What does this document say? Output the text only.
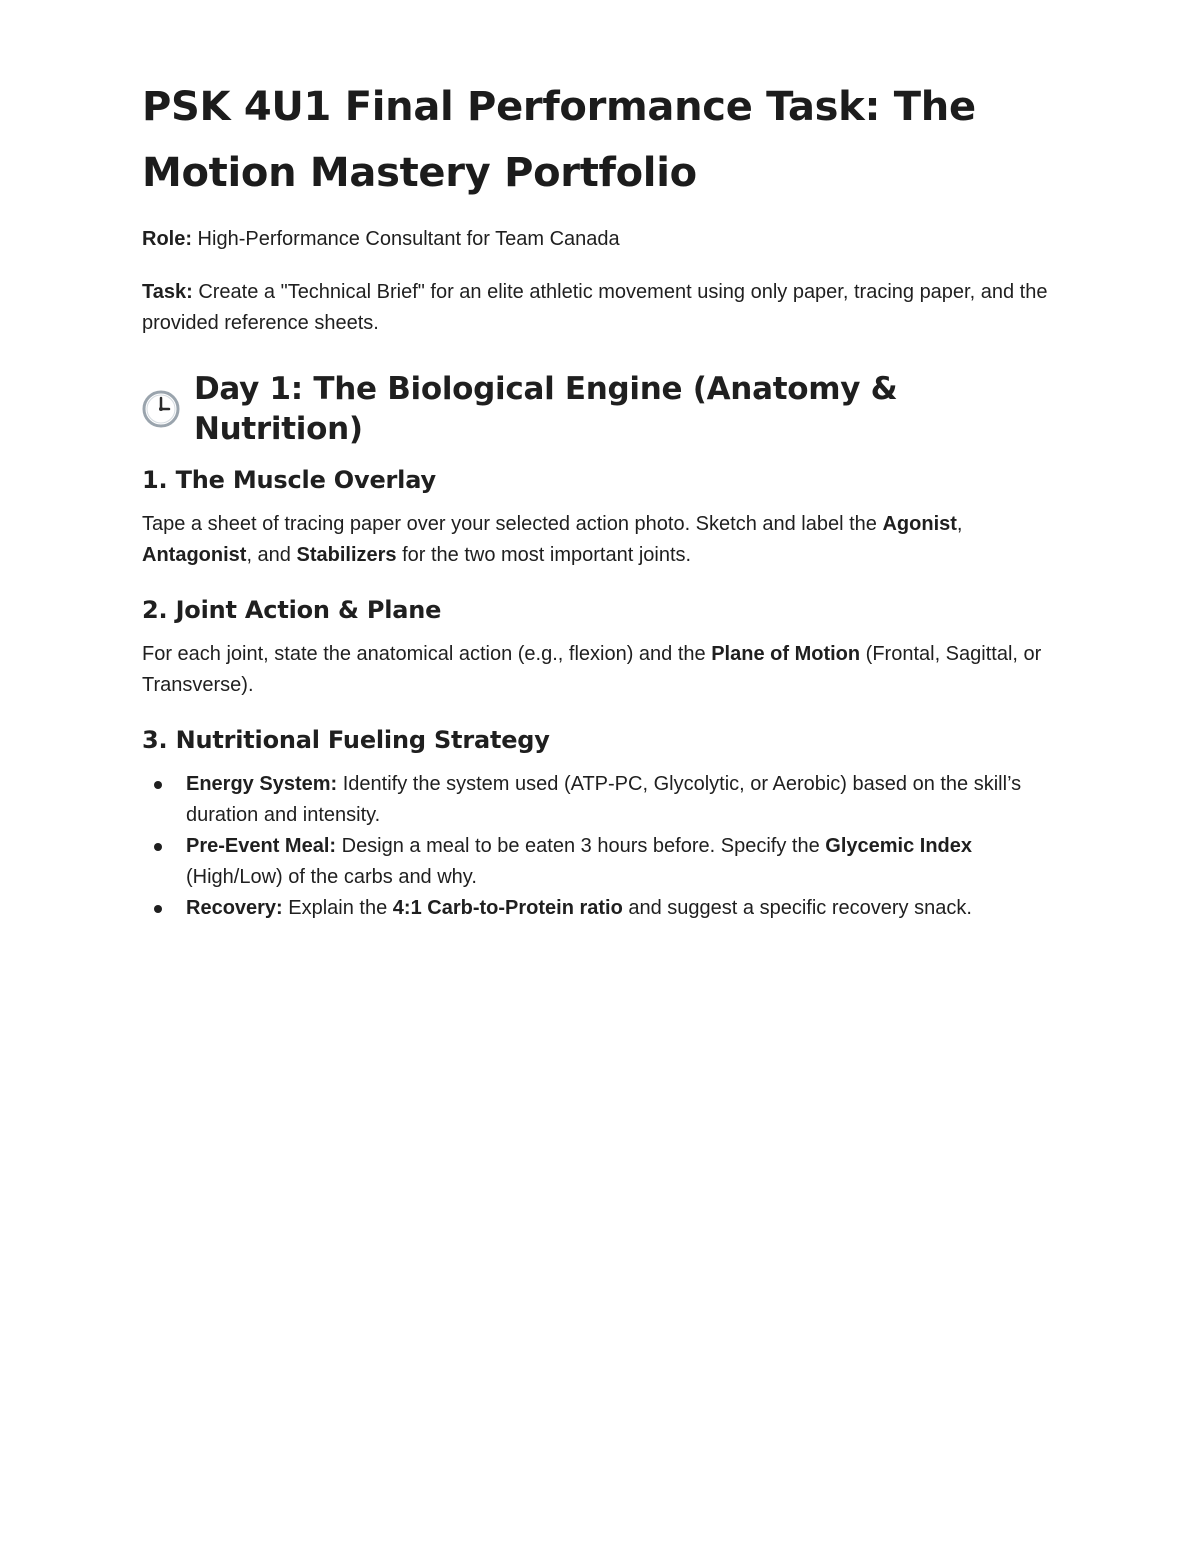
PSK 4U1 Final Performance Task: The Motion Mastery Portfolio

Role: High-Performance Consultant for Team Canada

Task: Create a "Technical Brief" for an elite athletic movement using only paper, tracing paper, and the provided reference sheets.

Day 1: The Biological Engine (Anatomy & Nutrition)
1. The Muscle Overlay

Tape a sheet of tracing paper over your selected action photo. Sketch and label the Agonist, Antagonist, and Stabilizers for the two most important joints.

2. Joint Action & Plane

For each joint, state the anatomical action (e.g., flexion) and the Plane of Motion (Frontal, Sagittal, or Transverse).

3. Nutritional Fueling Strategy
Energy System: Identify the system used (ATP-PC, Glycolytic, or Aerobic) based on the skill’s duration and intensity.
Pre-Event Meal: Design a meal to be eaten 3 hours before. Specify the Glycemic Index (High/Low) of the carbs and why.
Recovery: Explain the 4:1 Carb-to-Protein ratio and suggest a specific recovery snack.
